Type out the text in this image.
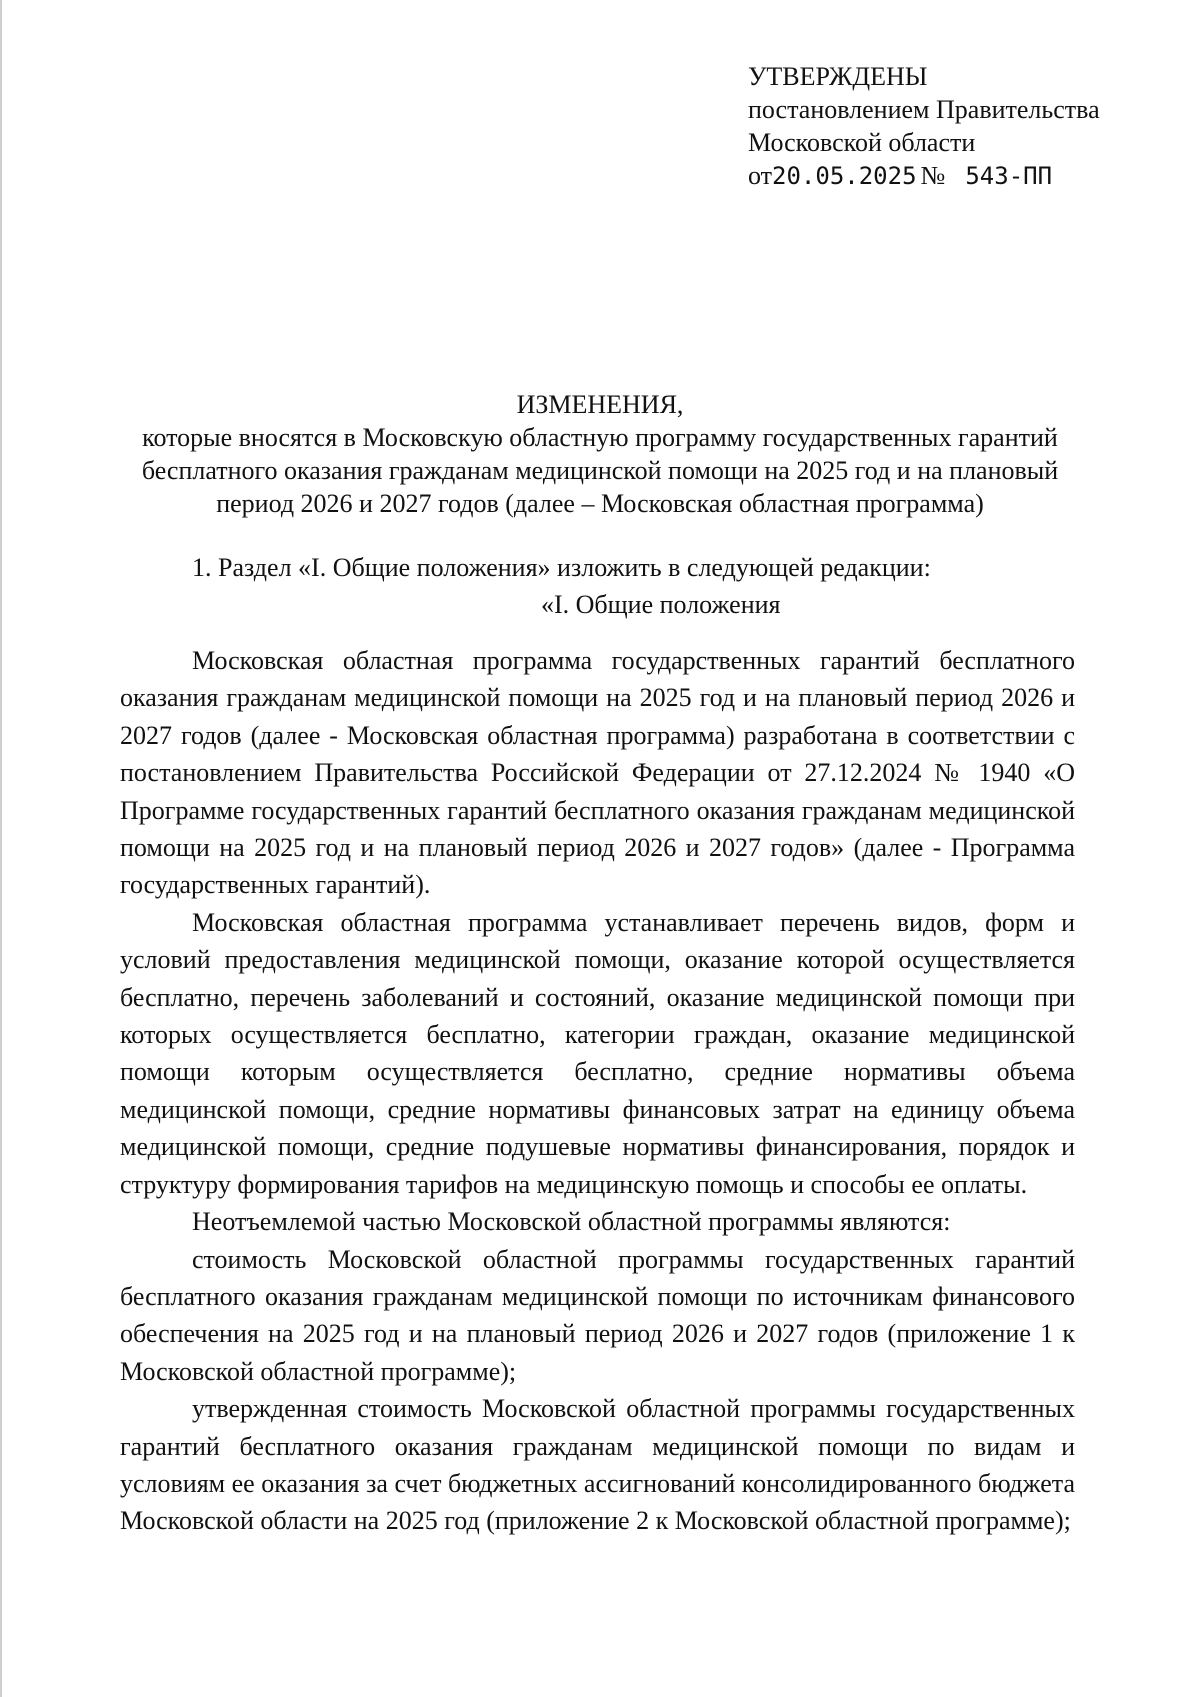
УТВЕРЖДЕНЫ
постановлением Правительства
Московской области
от20.05.2025 № 543-ПП
ИЗМЕНЕНИЯ,
которые вносятся в Московскую областную программу государственных гарантий бесплатного оказания гражданам медицинской помощи на 2025 год и на плановый период 2026 и 2027 годов (далее – Московская областная программа)
1. Раздел «I. Общие положения» изложить в следующей редакции:
«I. Общие положения

Московская областная программа государственных гарантий бесплатного оказания гражданам медицинской помощи на 2025 год и на плановый период 2026 и 2027 годов (далее - Московская областная программа) разработана в соответствии с постановлением Правительства Российской Федерации от 27.12.2024 № 1940 «О Программе государственных гарантий бесплатного оказания гражданам медицинской помощи на 2025 год и на плановый период 2026 и 2027 годов» (далее - Программа государственных гарантий).

Московская областная программа устанавливает перечень видов, форм и условий предоставления медицинской помощи, оказание которой осуществляется бесплатно, перечень заболеваний и состояний, оказание медицинской помощи при которых осуществляется бесплатно, категории граждан, оказание медицинской помощи которым осуществляется бесплатно, средние нормативы объема медицинской помощи, средние нормативы финансовых затрат на единицу объема медицинской помощи, средние подушевые нормативы финансирования, порядок и структуру формирования тарифов на медицинскую помощь и способы ее оплаты.

Неотъемлемой частью Московской областной программы являются:

стоимость Московской областной программы государственных гарантий бесплатного оказания гражданам медицинской помощи по источникам финансового обеспечения на 2025 год и на плановый период 2026 и 2027 годов (приложение 1 к Московской областной программе);

утвержденная стоимость Московской областной программы государственных гарантий бесплатного оказания гражданам медицинской помощи по видам и условиям ее оказания за счет бюджетных ассигнований консолидированного бюджета Московской области на 2025 год (приложение 2 к Московской областной программе);
